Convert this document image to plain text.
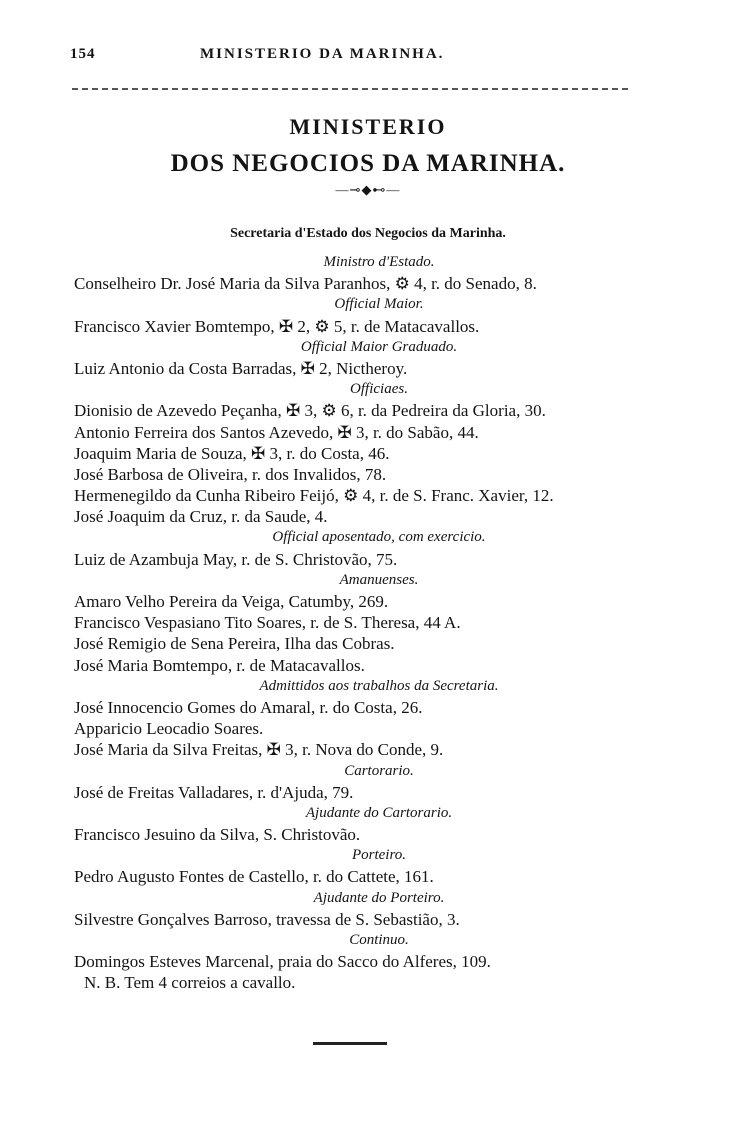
154	MINISTERIO DA MARINHA.
MINISTERIO
DOS NEGOCIOS DA MARINHA.
—⊸◆⊷—
Secretaria d'Estado dos Negocios da Marinha.
Ministro d'Estado.
Conselheiro Dr. José Maria da Silva Paranhos, ⚙ 4, r. do Senado, 8.
Official Maior.
Francisco Xavier Bomtempo, ✠ 2, ⚙ 5, r. de Matacavallos.
Official Maior Graduado.
Luiz Antonio da Costa Barradas, ✠ 2, Nictheroy.
Officiaes.
Dionisio de Azevedo Peçanha, ✠ 3, ⚙ 6, r. da Pedreira da Gloria, 30.
Antonio Ferreira dos Santos Azevedo, ✠ 3, r. do Sabão, 44.
Joaquim Maria de Souza, ✠ 3, r. do Costa, 46.
José Barbosa de Oliveira, r. dos Invalidos, 78.
Hermenegildo da Cunha Ribeiro Feijó, ⚙ 4, r. de S. Franc. Xavier, 12.
José Joaquim da Cruz, r. da Saude, 4.
Official aposentado, com exercicio.
Luiz de Azambuja May, r. de S. Christovão, 75.
Amanuenses.
Amaro Velho Pereira da Veiga, Catumby, 269.
Francisco Vespasiano Tito Soares, r. de S. Theresa, 44 A.
José Remigio de Sena Pereira, Ilha das Cobras.
José Maria Bomtempo, r. de Matacavallos.
Admittidos aos trabalhos da Secretaria.
José Innocencio Gomes do Amaral, r. do Costa, 26.
Apparicio Leocadio Soares.
José Maria da Silva Freitas, ✠ 3, r. Nova do Conde, 9.
Cartorario.
José de Freitas Valladares, r. d'Ajuda, 79.
Ajudante do Cartorario.
Francisco Jesuino da Silva, S. Christovão.
Porteiro.
Pedro Augusto Fontes de Castello, r. do Cattete, 161.
Ajudante do Porteiro.
Silvestre Gonçalves Barroso, travessa de S. Sebastião, 3.
Continuo.
Domingos Esteves Marcenal, praia do Sacco do Alferes, 109.
N. B. Tem 4 correios a cavallo.
